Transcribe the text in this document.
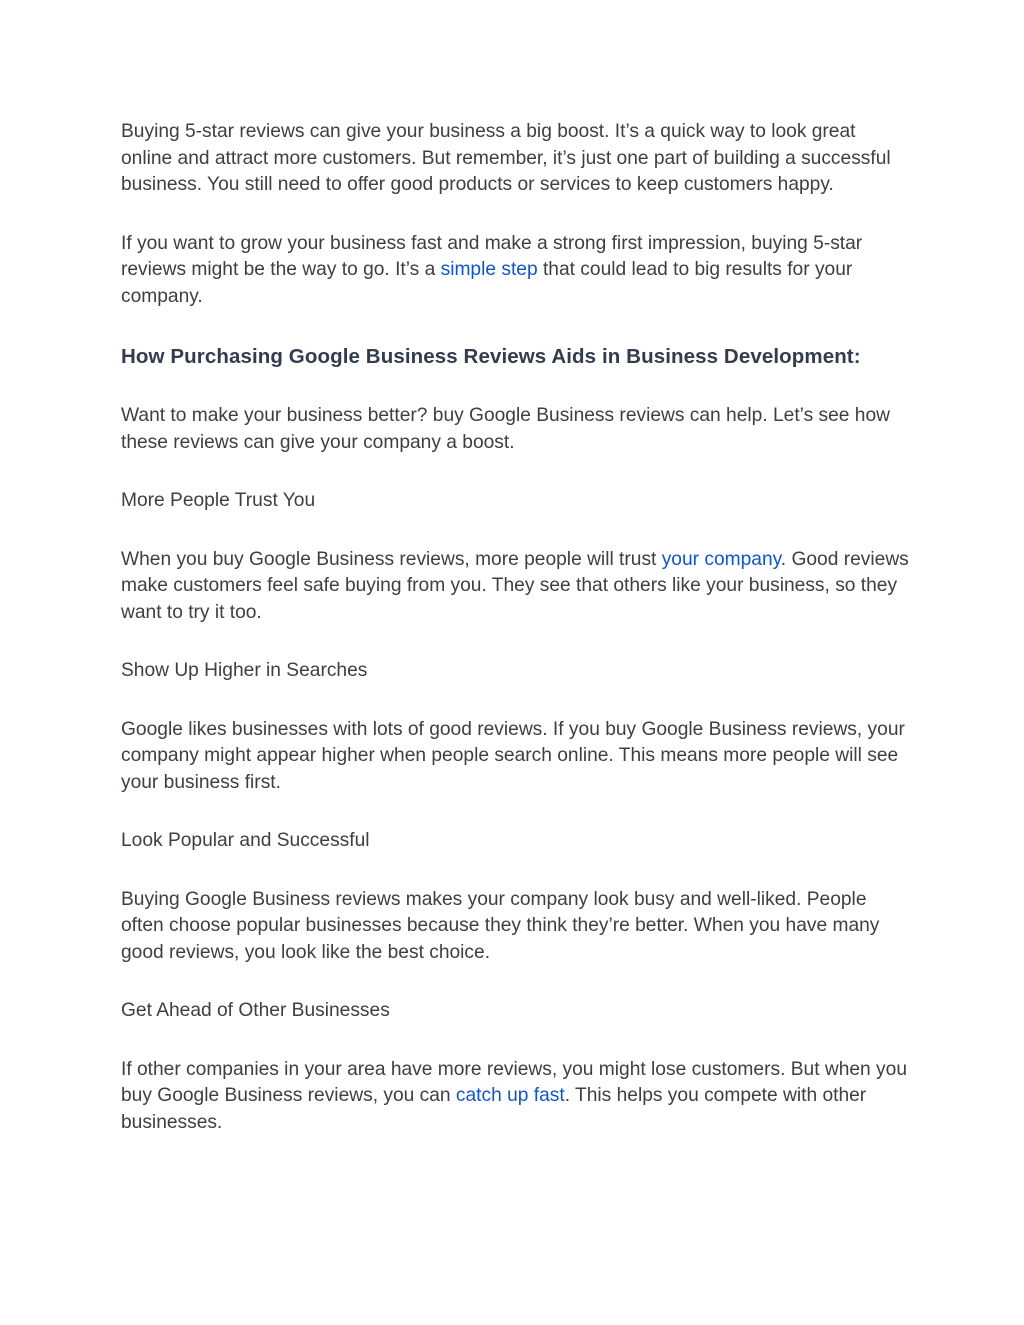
Buying 5-star reviews can give your business a big boost. It’s a quick way to look great online and attract more customers. But remember, it’s just one part of building a successful business. You still need to offer good products or services to keep customers happy.

If you want to grow your business fast and make a strong first impression, buying 5-star reviews might be the way to go. It’s a simple step that could lead to big results for your company.

How Purchasing Google Business Reviews Aids in Business Development:

Want to make your business better? buy Google Business reviews can help. Let’s see how these reviews can give your company a boost.

More People Trust You

When you buy Google Business reviews, more people will trust your company. Good reviews make customers feel safe buying from you. They see that others like your business, so they want to try it too.

Show Up Higher in Searches

Google likes businesses with lots of good reviews. If you buy Google Business reviews, your company might appear higher when people search online. This means more people will see your business first.

Look Popular and Successful

Buying Google Business reviews makes your company look busy and well-liked. People often choose popular businesses because they think they’re better. When you have many good reviews, you look like the best choice.

Get Ahead of Other Businesses

If other companies in your area have more reviews, you might lose customers. But when you buy Google Business reviews, you can catch up fast. This helps you compete with other businesses.
